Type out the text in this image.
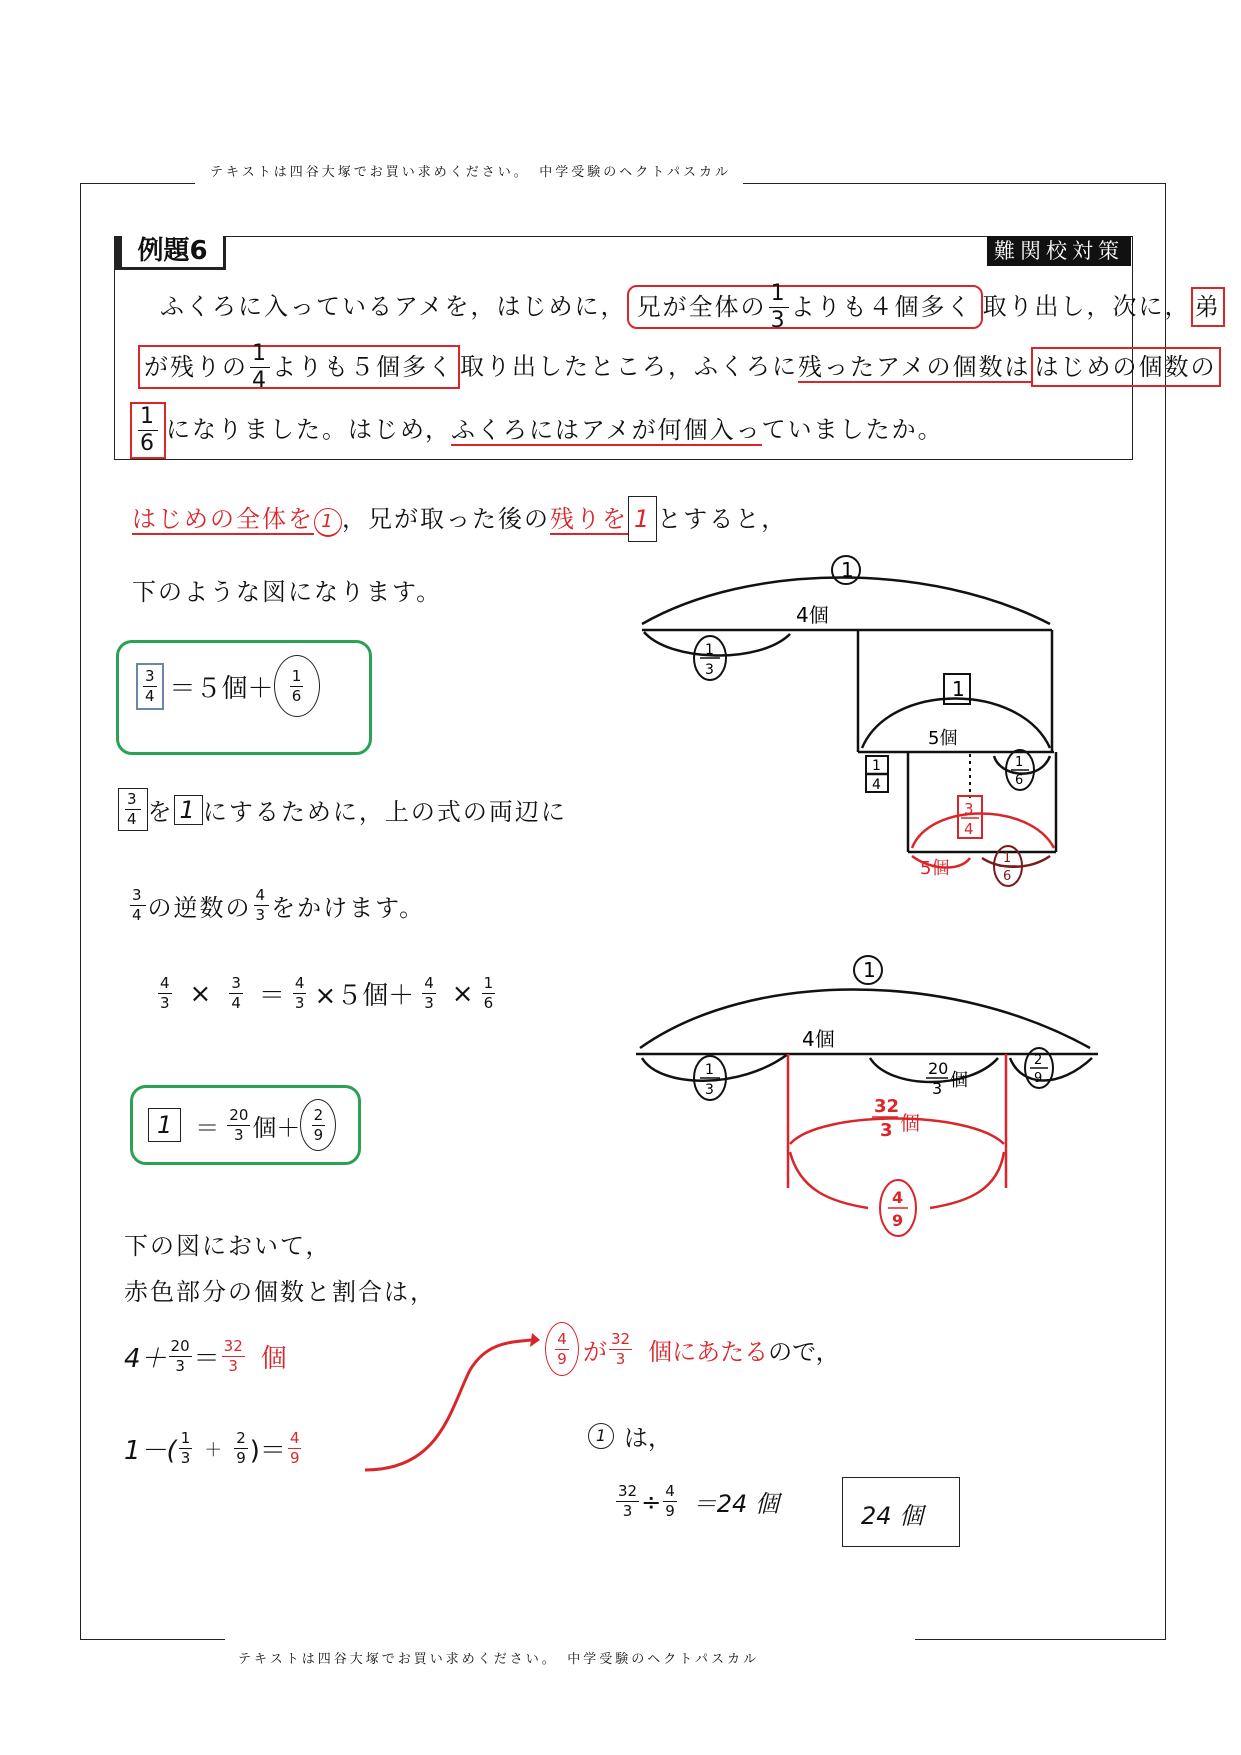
テキストは四谷大塚でお買い求めください。　中学受験のヘクトパスカル
テキストは四谷大塚でお買い求めください。　中学受験のヘクトパスカル
例題6	難関校対策
ふくろに入っているアメを，はじめに， 兄が全体の $\frac{1}{3}$ よりも４個多く 取り出し，次に， 弟
が残りの $\frac{1}{4}$ よりも５個多く 取り出したところ，ふくろに残ったアメの個数は はじめの個数の
$\frac{1}{6}$ になりました。はじめ，ふくろにはアメが何個入っていましたか。
はじめの全体を 1 ，兄が取った後の残りを 1 とすると，
下のような図になります。
$\frac{3}{4} =5$個＋ 1
6
$\frac{3}{4}$ を 1 にするために，上の式の両辺に
3
4 の逆数の 4
3 をかけます。
$\frac{4}{3} \times \frac{3}{4} = \frac{4}{3} \times 5$個＋ $\frac{4}{3} \times \frac{1}{6}$
1 ＝ 20
3 個＋ 2
9
下の図において，
赤色部分の個数と割合は，
4＋ 20
3 ＝ 32
3 個
1－( 1
3 ＋
2
9 )＝ 4
9
4
9 が 32
3 個にあたる ので，
1 は，
$\frac{32}{3} \div \frac{4}{9} =24$ 個	24 個
1
4個
1
3
1
5個
1
4
1
6
3
4
5個	1
6
1
4個
1
3
20
3 個
2
9
32
3 個
4
9
